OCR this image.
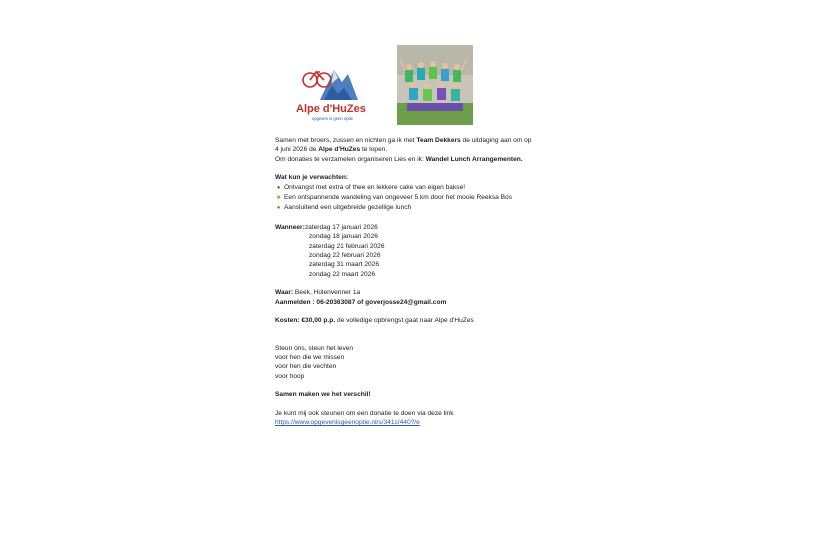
Alpe d'HuZes
opgeven is geen optie
Samen met broers, zussen en nichten ga ik met Team Dekkers de uitdaging aan om op
4 juni 2026 de Alpe d'HuZes te lopen.
Om donaties te verzamelen organiseren Lies en ik: Wandel Lunch Arrangementen.
Wat kun je verwachten:
● Ontvangst met extra of thee en lekkere cake van eigen bakse!
■ Een ontspannende wandeling van ongeveer 5 km door het mooie Reeksa Bos
● Aansluitend een uitgebreide gezellige lunch
Wanneer:zaterdag 17 januari 2026
zondag 18 januari 2026
zaterdag 21 februari 2026
zondag 22 februari 2026
zaterdag 31 maart 2026
zondag 22 maart 2026
Waar: Beek, Holenvenner 1a
Aanmelden : 06-20363087 of goverjosse24@gmail.com
Kosten: €30,00 p.p. de volledige opbrengst gaat naar Alpe d'HuZes
Steun ons, steun het leven
voor hen die we missen
voor hen die vechten
voor hoop
Samen maken we het verschil!
Je kunt mij ook steunen om een donatie te doen via deze link
https://www.opgevenisgeenoptie.nl/s/341c/440?/e
